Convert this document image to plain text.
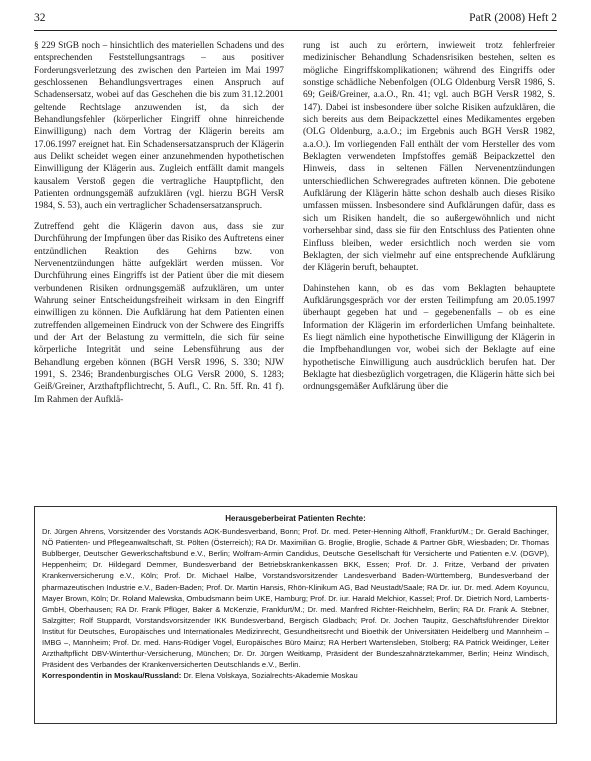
32	PatR (2008) Heft 2

§ 229 StGB noch – hinsichtlich des materiellen Schadens und des entsprechenden Feststellungsantrags – aus positiver Forderungsverletzung des zwischen den Parteien im Mai 1997 geschlossenen Behandlungsvertrages einen Anspruch auf Schadensersatz, wobei auf das Geschehen die bis zum 31.12.2001 geltende Rechtslage anzuwenden ist, da sich der Behandlungsfehler (körperlicher Eingriff ohne hinreichende Einwilligung) nach dem Vortrag der Klägerin bereits am 17.06.1997 ereignet hat. Ein Schadensersatzanspruch der Klägerin aus Delikt scheidet wegen einer anzunehmenden hypothetischen Einwilligung der Klägerin aus. Zugleich entfällt damit mangels kausalem Verstoß gegen die vertragliche Hauptpflicht, den Patienten ordnungsgemäß aufzuklären (vgl. hierzu BGH VersR 1984, S. 53), auch ein vertraglicher Schadensersatzanspruch.

Zutreffend geht die Klägerin davon aus, dass sie zur Durchführung der Impfungen über das Risiko des Auftretens einer entzündlichen Reaktion des Gehirns bzw. von Nervenentzündungen hätte aufgeklärt werden müssen. Vor Durchführung eines Eingriffs ist der Patient über die mit diesem verbundenen Risiken ordnungsgemäß aufzuklären, um unter Wahrung seiner Entscheidungsfreiheit wirksam in den Eingriff einwilligen zu können. Die Aufklärung hat dem Patienten einen zutreffenden allgemeinen Eindruck von der Schwere des Eingriffs und der Art der Belastung zu vermitteln, die sich für seine körperliche Integrität und seine Lebensführung aus der Behandlung ergeben können (BGH VersR 1996, S. 330; NJW 1991, S. 2346; Brandenburgisches OLG VersR 2000, S. 1283; Geiß/Greiner, Arzthaftpflichtrecht, 5. Aufl., C. Rn. 5ff. Rn. 41 f). Im Rahmen der Aufklä-

rung ist auch zu erörtern, inwieweit trotz fehlerfreier medizinischer Behandlung Schadensrisiken bestehen, selten es mögliche Eingriffskomplikationen; während des Eingriffs oder sonstige schädliche Nebenfolgen (OLG Oldenburg VersR 1986, S. 69; Geiß/Greiner, a.a.O., Rn. 41; vgl. auch BGH VersR 1982, S. 147). Dabei ist insbesondere über solche Risiken aufzuklären, die sich bereits aus dem Beipackzettel eines Medikamentes ergeben (OLG Oldenburg, a.a.O.; im Ergebnis auch BGH VersR 1982, a.a.O.). Im vorliegenden Fall enthält der vom Hersteller des vom Beklagten verwendeten Impfstoffes gemäß Beipackzettel den Hinweis, dass in seltenen Fällen Nervenentzündungen unterschiedlichen Schweregrades auftreten können. Die gebotene Aufklärung der Klägerin hätte schon deshalb auch dieses Risiko umfassen müssen. Insbesondere sind Aufklärungen dafür, dass es sich um Risiken handelt, die so außergewöhnlich und nicht vorhersehbar sind, dass sie für den Entschluss des Patienten ohne Einfluss bleiben, weder ersichtlich noch werden sie vom Beklagten, der sich vielmehr auf eine entsprechende Aufklärung der Klägerin beruft, behauptet.

Dahinstehen kann, ob es das vom Beklagten behauptete Aufklärungsgespräch vor der ersten Teilimpfung am 20.05.1997 überhaupt gegeben hat und – gegebenenfalls – ob es eine Information der Klägerin im erforderlichen Umfang beinhaltete. Es liegt nämlich eine hypothetische Einwilligung der Klägerin in die Impfbehandlungen vor, wobei sich der Beklagte auf eine hypothetische Einwilligung auch ausdrücklich berufen hat. Der Beklagte hat diesbezüglich vorgetragen, die Klägerin hätte sich bei ordnungsgemäßer Aufklärung über die

Herausgeberbeirat Patienten Rechte:
Dr. Jürgen Ahrens, Vorsitzender des Vorstands AOK-Bundesverband, Bonn; Prof. Dr. med. Peter-Henning Althoff, Frankfurt/M.; Dr. Gerald Bachinger, NÖ Patienten- und Pflegeanwaltschaft, St. Pölten (Österreich); RA Dr. Maximilian G. Broglie, Broglie, Schade & Partner GbR, Wiesbaden; Dr. Thomas Bublberger, Deutscher Gewerkschaftsbund e.V., Berlin; Wolfram-Armin Candidus, Deutsche Gesellschaft für Versicherte und Patienten e.V. (DGVP), Heppenheim; Dr. Hildegard Demmer, Bundesverband der Betriebskrankenkassen BKK, Essen; Prof. Dr. J. Fritze, Verband der privaten Krankenversicherung e.V., Köln; Prof. Dr. Michael Halbe, Vorstandsvorsitzender Landesverband Baden-Württemberg, Bundesverband der pharmazeutischen Industrie e.V., Baden-Baden; Prof. Dr. Martin Hansis, Rhön-Klinikum AG, Bad Neustadt/Saale; RA Dr. iur. Dr. med. Adem Koyuncu, Mayer Brown, Köln; Dr. Roland Malewska, Ombudsmann beim UKE, Hamburg; Prof. Dr. iur. Harald Melchior, Kassel; Prof. Dr. Dietrich Nord, Lamberts-GmbH, Oberhausen; RA Dr. Frank Pflüger, Baker & McKenzie, Frankfurt/M.; Dr. med. Manfred Richter-Reichhelm, Berlin; RA Dr. Frank A. Stebner, Salzgitter; Rolf Stuppardt, Vorstandsvorsitzender IKK Bundesverband, Bergisch Gladbach; Prof. Dr. Jochen Taupitz, Geschäftsführender Direktor Institut für Deutsches, Europäisches und Internationales Medizinrecht, Gesundheitsrecht und Bioethik der Universitäten Heidelberg und Mannheim – IMBG –, Mannheim; Prof. Dr. med. Hans-Rüdiger Vogel, Europäisches Büro Mainz; RA Herbert Wartensleben, Stolberg; RA Patrick Weidinger, Leiter Arzthaftpflicht DBV-Winterthur-Versicherung, München; Dr. Dr. Jürgen Weitkamp, Präsident der Bundeszahnärztekammer, Berlin; Heinz Windisch, Präsident des Verbandes der Krankenversicherten Deutschlands e.V., Berlin.
Korrespondentin in Moskau/Russland: Dr. Elena Volskaya, Sozialrechts-Akademie Moskau
